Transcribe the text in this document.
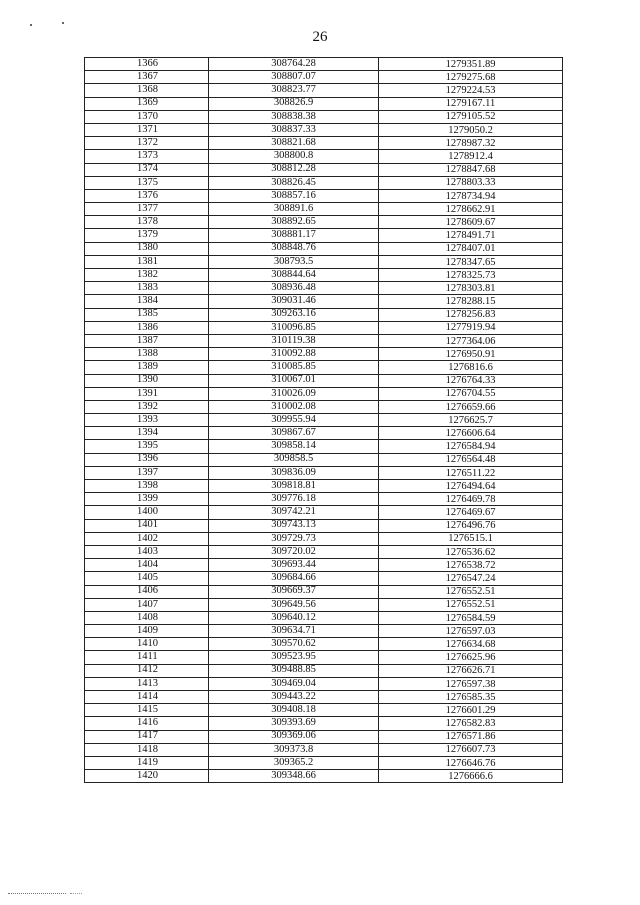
26
1366	308764.28	1279351.89
1367	308807.07	1279275.68
1368	308823.77	1279224.53
1369	308826.9	1279167.11
1370	308838.38	1279105.52
1371	308837.33	1279050.2
1372	308821.68	1278987.32
1373	308800.8	1278912.4
1374	308812.28	1278847.68
1375	308826.45	1278803.33
1376	308857.16	1278734.94
1377	308891.6	1278662.91
1378	308892.65	1278609.67
1379	308881.17	1278491.71
1380	308848.76	1278407.01
1381	308793.5	1278347.65
1382	308844.64	1278325.73
1383	308936.48	1278303.81
1384	309031.46	1278288.15
1385	309263.16	1278256.83
1386	310096.85	1277919.94
1387	310119.38	1277364.06
1388	310092.88	1276950.91
1389	310085.85	1276816.6
1390	310067.01	1276764.33
1391	310026.09	1276704.55
1392	310002.08	1276659.66
1393	309955.94	1276625.7
1394	309867.67	1276606.64
1395	309858.14	1276584.94
1396	309858.5	1276564.48
1397	309836.09	1276511.22
1398	309818.81	1276494.64
1399	309776.18	1276469.78
1400	309742.21	1276469.67
1401	309743.13	1276496.76
1402	309729.73	1276515.1
1403	309720.02	1276536.62
1404	309693.44	1276538.72
1405	309684.66	1276547.24
1406	309669.37	1276552.51
1407	309649.56	1276552.51
1408	309640.12	1276584.59
1409	309634.71	1276597.03
1410	309570.62	1276634.68
1411	309523.95	1276625.96
1412	309488.85	1276626.71
1413	309469.04	1276597.38
1414	309443.22	1276585.35
1415	309408.18	1276601.29
1416	309393.69	1276582.83
1417	309369.06	1276571.86
1418	309373.8	1276607.73
1419	309365.2	1276646.76
1420	309348.66	1276666.6
